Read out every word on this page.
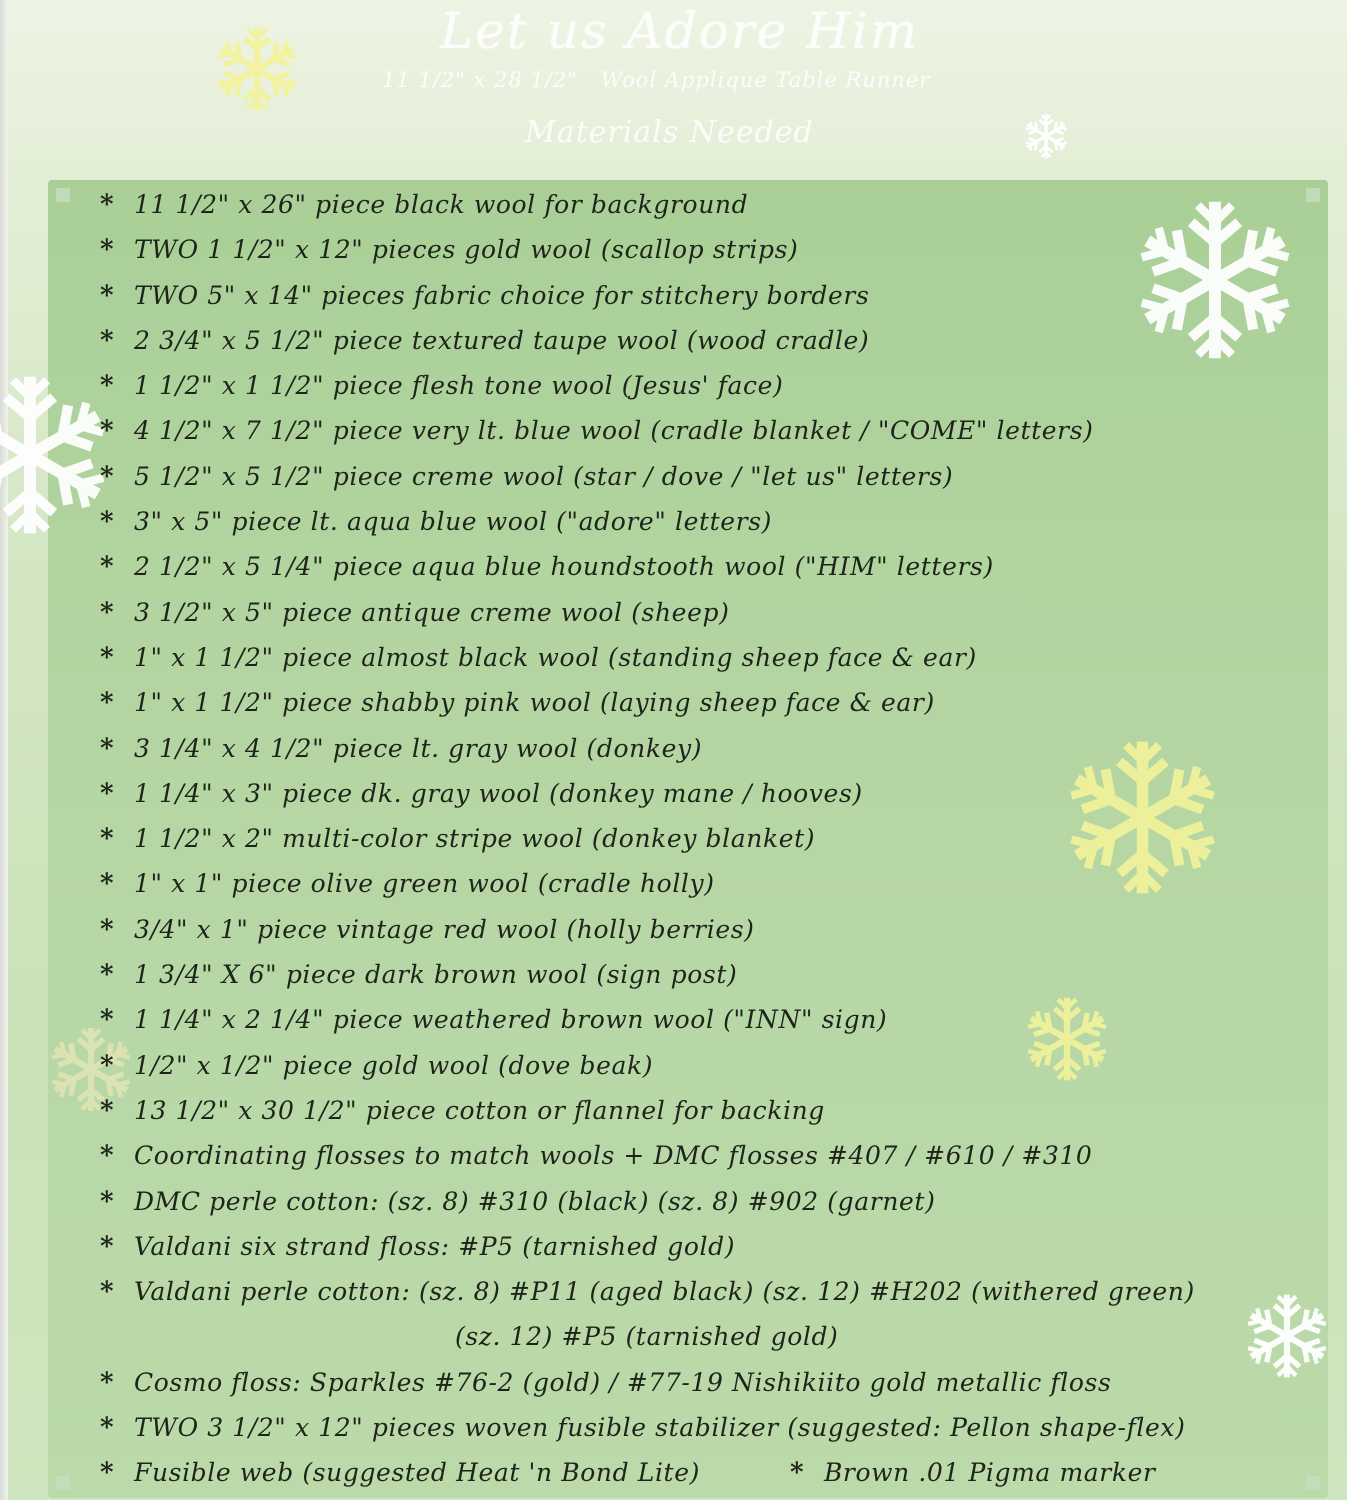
Let us Adore Him
11 1/2" x 28 1/2"   Wool Applique Table Runner
Materials Needed
* 11 1/2" x 26" piece black wool for background
* TWO 1 1/2" x 12" pieces gold wool (scallop strips)
* TWO 5" x 14" pieces fabric choice for stitchery borders
* 2 3/4" x 5 1/2" piece textured taupe wool (wood cradle)
* 1 1/2" x 1 1/2" piece flesh tone wool (Jesus' face)
* 4 1/2" x 7 1/2" piece very lt. blue wool (cradle blanket / "COME" letters)
* 5 1/2" x 5 1/2" piece creme wool (star / dove / "let us" letters)
* 3" x 5" piece lt. aqua blue wool ("adore" letters)
* 2 1/2" x 5 1/4" piece aqua blue houndstooth wool ("HIM" letters)
* 3 1/2" x 5" piece antique creme wool (sheep)
* 1" x 1 1/2" piece almost black wool (standing sheep face & ear)
* 1" x 1 1/2" piece shabby pink wool (laying sheep face & ear)
* 3 1/4" x 4 1/2" piece lt. gray wool (donkey)
* 1 1/4" x 3" piece dk. gray wool (donkey mane / hooves)
* 1 1/2" x 2" multi-color stripe wool (donkey blanket)
* 1" x 1" piece olive green wool (cradle holly)
* 3/4" x 1" piece vintage red wool (holly berries)
* 1 3/4" X 6" piece dark brown wool (sign post)
* 1 1/4" x 2 1/4" piece weathered brown wool ("INN" sign)
* 1/2" x 1/2" piece gold wool (dove beak)
* 13 1/2" x 30 1/2" piece cotton or flannel for backing
* Coordinating flosses to match wools + DMC flosses #407 / #610 / #310
* DMC perle cotton: (sz. 8) #310 (black) (sz. 8) #902 (garnet)
* Valdani six strand floss: #P5 (tarnished gold)
* Valdani perle cotton: (sz. 8) #P11 (aged black) (sz. 12) #H202 (withered green)
(sz. 12) #P5 (tarnished gold)
* Cosmo floss: Sparkles #76-2 (gold) / #77-19 Nishikiito gold metallic floss
* TWO 3 1/2" x 12" pieces woven fusible stabilizer (suggested: Pellon shape-flex)
* Fusible web (suggested Heat 'n Bond Lite)	* Brown .01 Pigma marker
